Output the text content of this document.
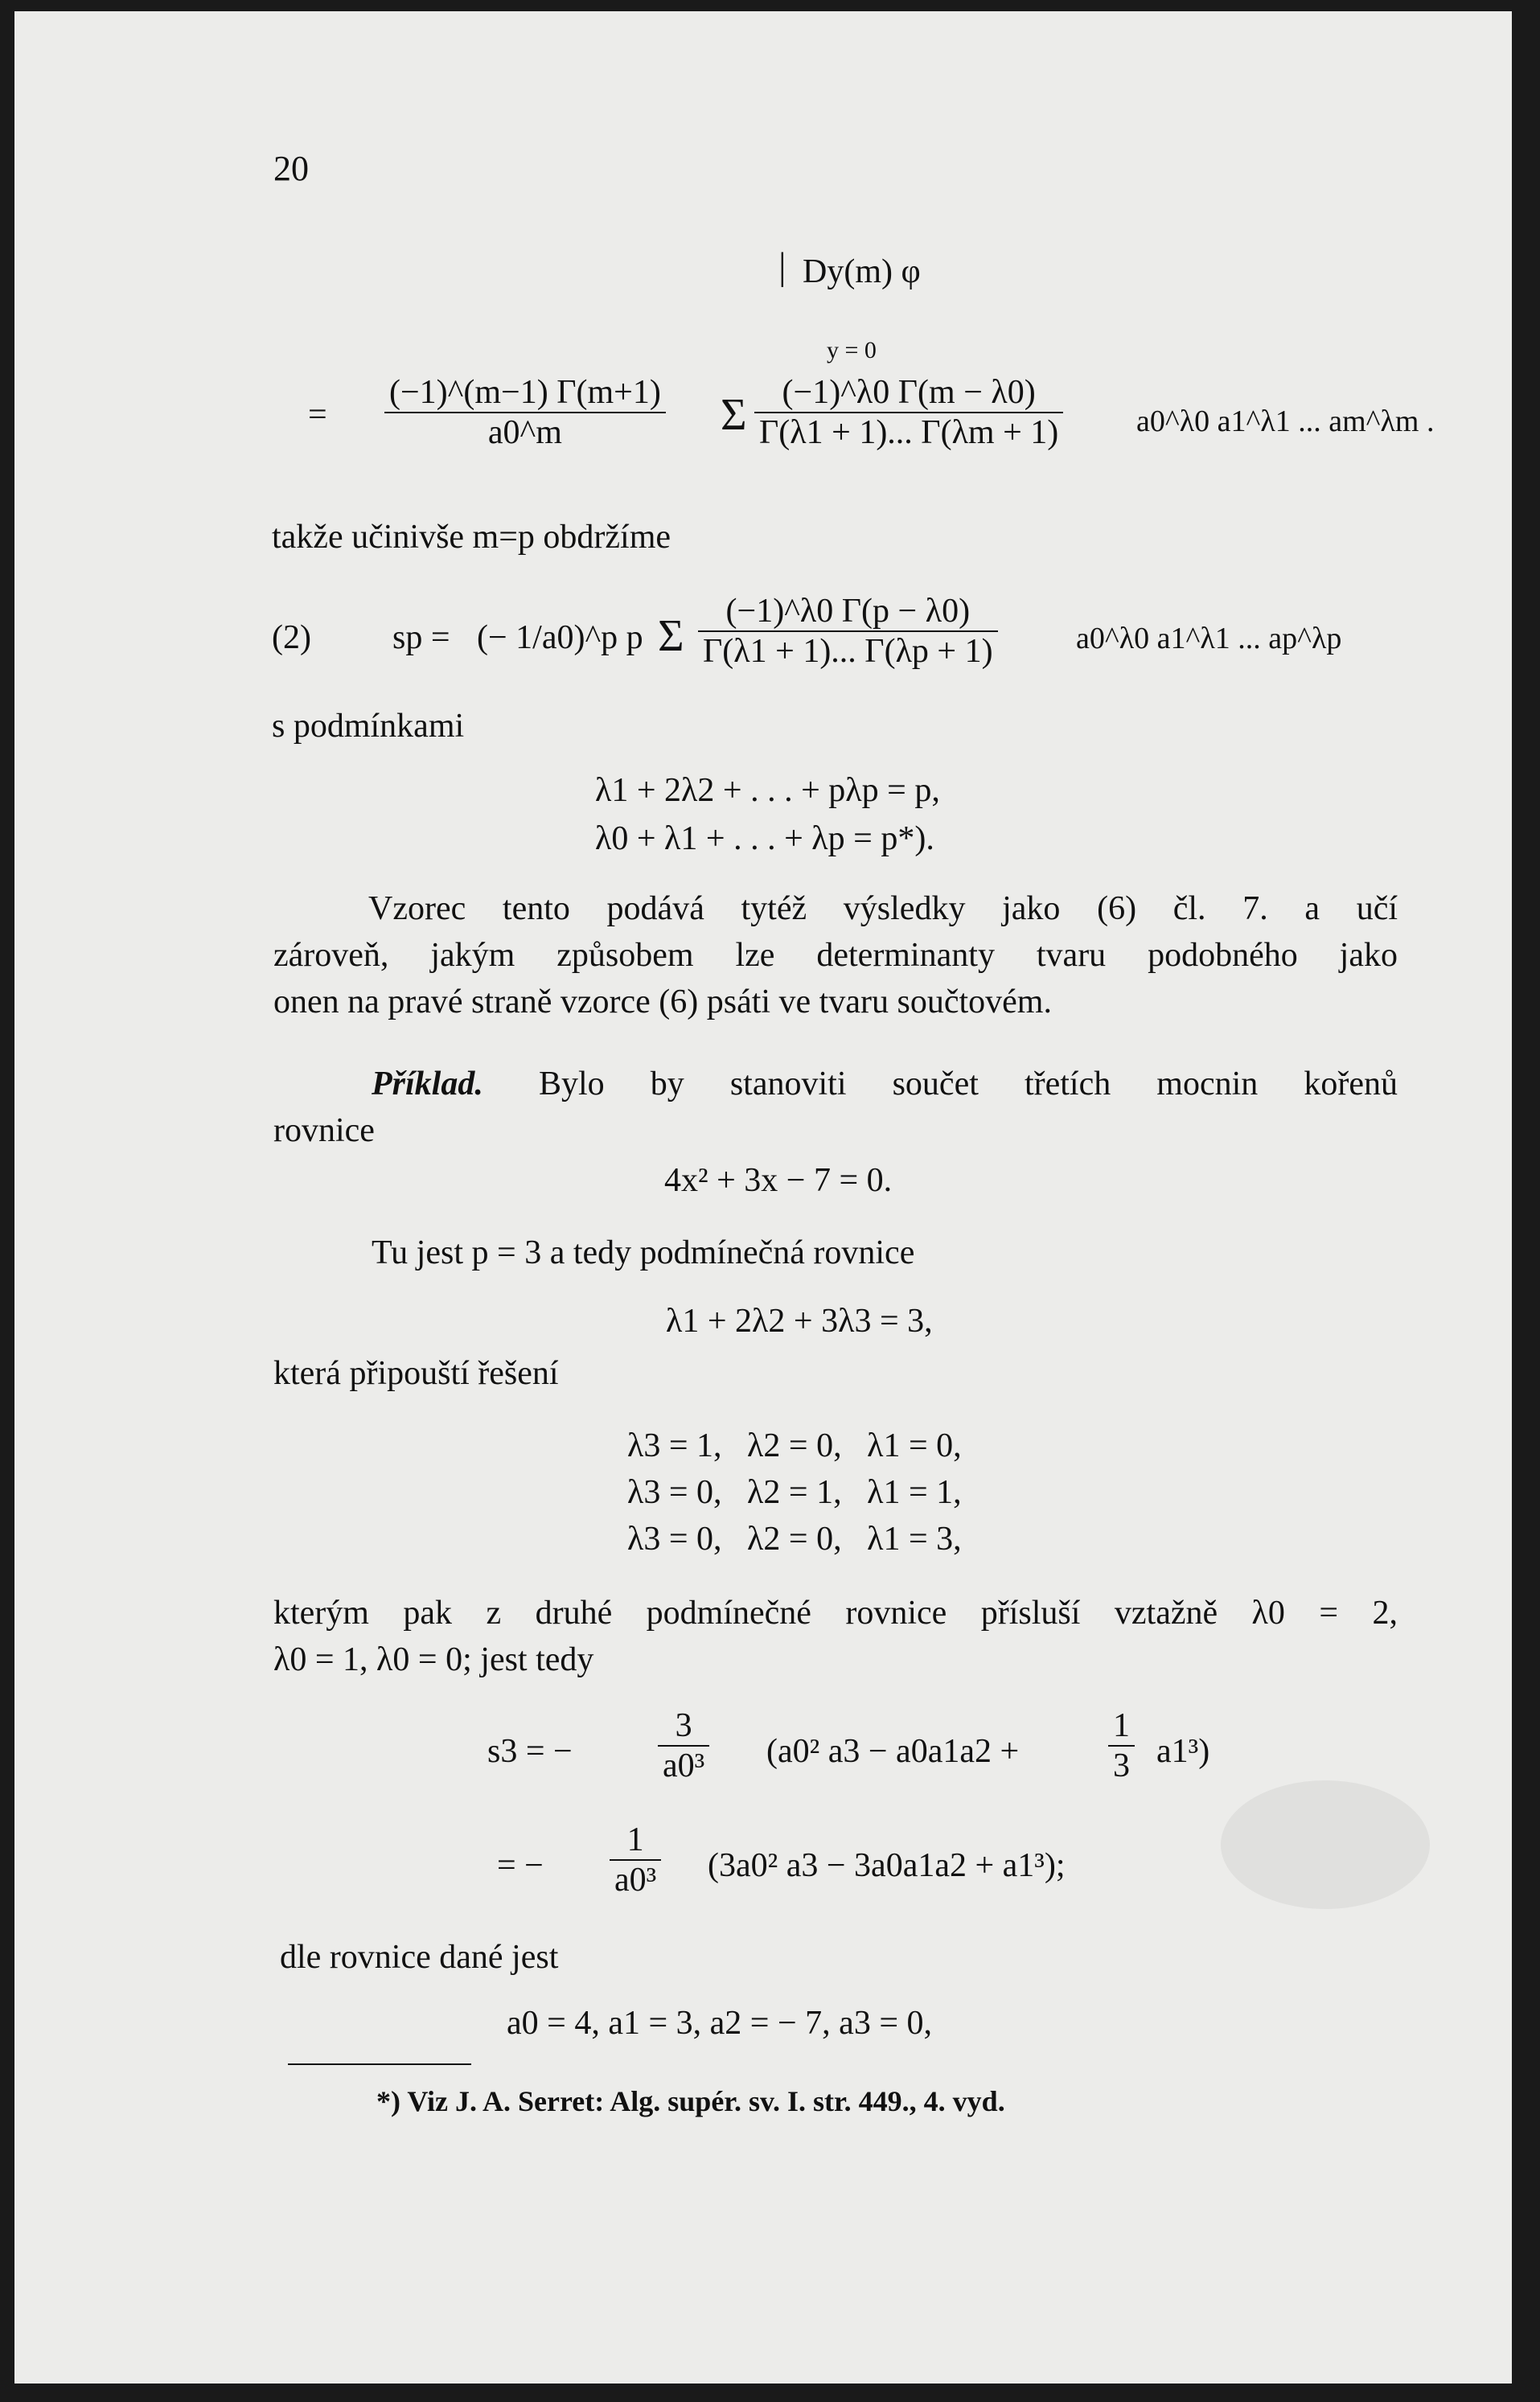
20
| Dy(m) φ
y = 0
= $\frac{(-1)\^{}(m-1) \Gamma(m+1)}{a0\^{}m}$ Σ $\frac{(-1)\^{}\lambda 0 \Gamma(m - \lambda 0)}{\Gamma(\lambda 1 + 1)... \Gamma(\lambda m + 1)}$ a0^λ0 a1^λ1 ... am^λm .
takže učinivše m=p obdržíme
(2) sp = (− 1/a0)^p p Σ $\frac{(-1)\^{}\lambda 0 \Gamma(p - \lambda 0)}{\Gamma(\lambda 1 + 1)... \Gamma(\lambda p + 1)}$	a0^λ0 a1^λ1 ... ap^λp
s podmínkami
λ1 + 2λ2 + . . . + pλp = p,
λ0 + λ1 + . . . + λp = p*).
Vzorec tento podává tytéž výsledky jako (6) čl. 7. a učí
zároveň, jakým způsobem lze determinanty tvaru podobného jako
onen na pravé straně vzorce (6) psáti ve tvaru součtovém.
Příklad. Bylo by stanoviti součet třetích mocnin kořenů
rovnice
4x² + 3x − 7 = 0.
Tu jest p = 3 a tedy podmínečná rovnice
λ1 + 2λ2 + 3λ3 = 3,
která připouští řešení
λ3 = 1,   λ2 = 0,   λ1 = 0,
λ3 = 0,   λ2 = 1,   λ1 = 1,
λ3 = 0,   λ2 = 0,   λ1 = 3,
kterým pak z druhé podmínečné rovnice přísluší vztažně λ0 = 2,
λ0 = 1, λ0 = 0; jest tedy
s3 = −	$\frac{3}{\text{a0³}} (a0^2$ a3 − a0a1a2 +	$\frac{1}{3} a1^3$)
= − $\frac{1}{\text{a0³}} (3a0^2$ a3 − 3a0a1a2 + a1³);
dle rovnice dané jest
a0 = 4, a1 = 3, a2 = − 7, a3 = 0,
*) Viz J. A. Serret: Alg. supér. sv. I. str. 449., 4. vyd.
